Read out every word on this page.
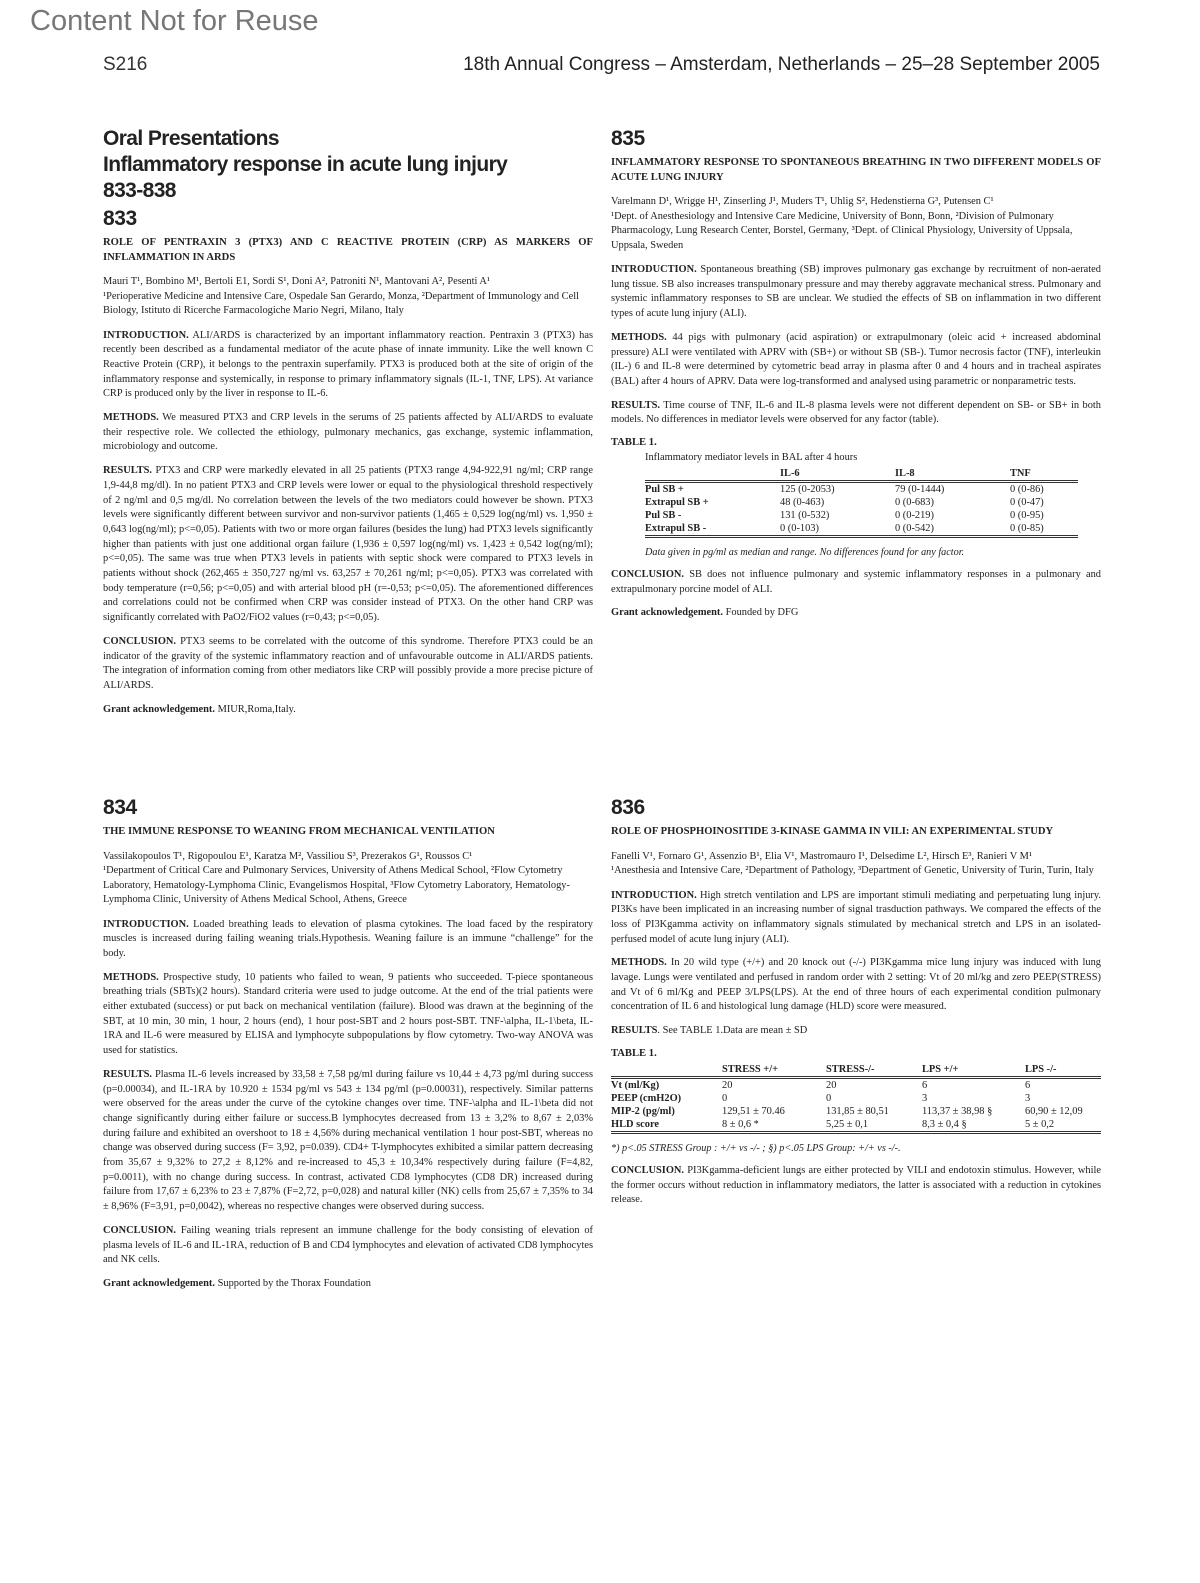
Content Not for Reuse
S216	18th Annual Congress – Amsterdam, Netherlands – 25–28 September 2005
Oral Presentations
Inflammatory response in acute lung injury
833-838
833
ROLE OF PENTRAXIN 3 (PTX3) AND C REACTIVE PROTEIN (CRP) AS MARKERS OF INFLAMMATION IN ARDS
Mauri T¹, Bombino M¹, Bertoli E1, Sordi S¹, Doni A², Patroniti N¹, Mantovani A², Pesenti A¹
¹Perioperative Medicine and Intensive Care, Ospedale San Gerardo, Monza, ²Department of Immunology and Cell Biology, Istituto di Ricerche Farmacologiche Mario Negri, Milano, Italy

INTRODUCTION. ALI/ARDS is characterized by an important inflammatory reaction. Pentraxin 3 (PTX3) has recently been described as a fundamental mediator of the acute phase of innate immunity. Like the well known C Reactive Protein (CRP), it belongs to the pentraxin superfamily. PTX3 is produced both at the site of origin of the inflammatory response and systemically, in response to primary inflammatory signals (IL-1, TNF, LPS). At variance CRP is produced only by the liver in response to IL-6.

METHODS. We measured PTX3 and CRP levels in the serums of 25 patients affected by ALI/ARDS to evaluate their respective role. We collected the ethiology, pulmonary mechanics, gas exchange, systemic inflammation, microbiology and outcome.

RESULTS. PTX3 and CRP were markedly elevated in all 25 patients (PTX3 range 4,94-922,91 ng/ml; CRP range 1,9-44,8 mg/dl). In no patient PTX3 and CRP levels were lower or equal to the physiological threshold respectively of 2 ng/ml and 0,5 mg/dl. No correlation between the levels of the two mediators could however be shown. PTX3 levels were significantly different between survivor and non-survivor patients (1,465 ± 0,529 log(ng/ml) vs. 1,950 ± 0,643 log(ng/ml); p<=0,05). Patients with two or more organ failures (besides the lung) had PTX3 levels significantly higher than patients with just one additional organ failure (1,936 ± 0,597 log(ng/ml) vs. 1,423 ± 0,542 log(ng/ml); p<=0,05). The same was true when PTX3 levels in patients with septic shock were compared to PTX3 levels in patients without shock (262,465 ± 350,727 ng/ml vs. 63,257 ± 70,261 ng/ml; p<=0,05). PTX3 was correlated with body temperature (r=0,56; p<=0,05) and with arterial blood pH (r=-0,53; p<=0,05). The aforementioned differences and correlations could not be confirmed when CRP was consider instead of PTX3. On the other hand CRP was significantly correlated with PaO2/FiO2 values (r=0,43; p<=0,05).

CONCLUSION. PTX3 seems to be correlated with the outcome of this syndrome. Therefore PTX3 could be an indicator of the gravity of the systemic inflammatory reaction and of unfavourable outcome in ALI/ARDS patients. The integration of information coming from other mediators like CRP will possibly provide a more precise picture of ALI/ARDS.

Grant acknowledgement. MIUR,Roma,Italy.

834
THE IMMUNE RESPONSE TO WEANING FROM MECHANICAL VENTILATION
Vassilakopoulos T¹, Rigopoulou E¹, Karatza M², Vassiliou S³, Prezerakos G¹, Roussos C¹
¹Department of Critical Care and Pulmonary Services, University of Athens Medical School, ²Flow Cytometry Laboratory, Hematology-Lymphoma Clinic, Evangelismos Hospital, ³Flow Cytometry Laboratory, Hematology-Lymphoma Clinic, University of Athens Medical School, Athens, Greece

INTRODUCTION. Loaded breathing leads to elevation of plasma cytokines. The load faced by the respiratory muscles is increased during failing weaning trials.Hypothesis. Weaning failure is an immune “challenge” for the body.

METHODS. Prospective study, 10 patients who failed to wean, 9 patients who succeeded. T-piece spontaneous breathing trials (SBTs)(2 hours). Standard criteria were used to judge outcome. At the end of the trial patients were either extubated (success) or put back on mechanical ventilation (failure). Blood was drawn at the beginning of the SBT, at 10 min, 30 min, 1 hour, 2 hours (end), 1 hour post-SBT and 2 hours post-SBT. TNF-\alpha, IL-1\beta, IL-1RA and IL-6 were measured by ELISA and lymphocyte subpopulations by flow cytometry. Two-way ANOVA was used for statistics.

RESULTS. Plasma IL-6 levels increased by 33,58 ± 7,58 pg/ml during failure vs 10,44 ± 4,73 pg/ml during success (p=0.00034), and IL-1RA by 10.920 ± 1534 pg/ml vs 543 ± 134 pg/ml (p=0.00031), respectively. Similar patterns were observed for the areas under the curve of the cytokine changes over time. TNF-\alpha and IL-1\beta did not change significantly during either failure or success.B lymphocytes decreased from 13 ± 3,2% to 8,67 ± 2,03% during failure and exhibited an overshoot to 18 ± 4,56% during mechanical ventilation 1 hour post-SBT, whereas no change was observed during success (F= 3,92, p=0.039). CD4+ T-lymphocytes exhibited a similar pattern decreasing from 35,67 ± 9,32% to 27,2 ± 8,12% and re-increased to 45,3 ± 10,34% respectively during failure (F=4,82, p=0.0011), with no change during success. In contrast, activated CD8 lymphocytes (CD8 DR) increased during failure from 17,67 ± 6,23% to 23 ± 7,87% (F=2,72, p=0,028) and natural killer (NK) cells from 25,67 ± 7,35% to 34 ± 8,96% (F=3,91, p=0,0042), whereas no respective changes were observed during success.

CONCLUSION. Failing weaning trials represent an immune challenge for the body consisting of elevation of plasma levels of IL-6 and IL-1RA, reduction of B and CD4 lymphocytes and elevation of activated CD8 lymphocytes and NK cells.

Grant acknowledgement. Supported by the Thorax Foundation

835
INFLAMMATORY RESPONSE TO SPONTANEOUS BREATHING IN TWO DIFFERENT MODELS OF ACUTE LUNG INJURY
Varelmann D¹, Wrigge H¹, Zinserling J¹, Muders T¹, Uhlig S², Hedenstierna G³, Putensen C¹
¹Dept. of Anesthesiology and Intensive Care Medicine, University of Bonn, Bonn, ²Division of Pulmonary Pharmacology, Lung Research Center, Borstel, Germany, ³Dept. of Clinical Physiology, University of Uppsala, Uppsala, Sweden

INTRODUCTION. Spontaneous breathing (SB) improves pulmonary gas exchange by recruitment of non-aerated lung tissue. SB also increases transpulmonary pressure and may thereby aggravate mechanical stress. Pulmonary and systemic inflammatory responses to SB are unclear. We studied the effects of SB on inflammation in two different types of acute lung injury (ALI).

METHODS. 44 pigs with pulmonary (acid aspiration) or extrapulmonary (oleic acid + increased abdominal pressure) ALI were ventilated with APRV with (SB+) or without SB (SB-). Tumor necrosis factor (TNF), interleukin (IL-) 6 and IL-8 were determined by cytometric bead array in plasma after 0 and 4 hours and in tracheal aspirates (BAL) after 4 hours of APRV. Data were log-transformed and analysed using parametric or nonparametric tests.

RESULTS. Time course of TNF, IL-6 and IL-8 plasma levels were not different dependent on SB- or SB+ in both models. No differences in mediator levels were observed for any factor (table).

TABLE 1.
Inflammatory mediator levels in BAL after 4 hours
	IL-6	IL-8	TNF
Pul SB +	125 (0-2053)	79 (0-1444)	0 (0-86)
Extrapul SB +	48 (0-463)	0 (0-683)	0 (0-47)
Pul SB -	131 (0-532)	0 (0-219)	0 (0-95)
Extrapul SB -	0 (0-103)	0 (0-542)	0 (0-85)
Data given in pg/ml as median and range. No differences found for any factor.

CONCLUSION. SB does not influence pulmonary and systemic inflammatory responses in a pulmonary and extrapulmonary porcine model of ALI.

Grant acknowledgement. Founded by DFG

836
ROLE OF PHOSPHOINOSITIDE 3-KINASE GAMMA IN VILI: AN EXPERIMENTAL STUDY
Fanelli V¹, Fornaro G¹, Assenzio B¹, Elia V¹, Mastromauro I¹, Delsedime L², Hirsch E³, Ranieri V M¹
¹Anesthesia and Intensive Care, ²Department of Pathology, ³Department of Genetic, University of Turin, Turin, Italy

INTRODUCTION. High stretch ventilation and LPS are important stimuli mediating and perpetuating lung injury. PI3Ks have been implicated in an increasing number of signal trasduction pathways. We compared the effects of the loss of PI3Kgamma activity on inflammatory signals stimulated by mechanical stretch and LPS in an isolated-perfused model of acute lung injury (ALI).

METHODS. In 20 wild type (+/+) and 20 knock out (-/-) PI3Kgamma mice lung injury was induced with lung lavage. Lungs were ventilated and perfused in random order with 2 setting: Vt of 20 ml/kg and zero PEEP(STRESS) and Vt of 6 ml/Kg and PEEP 3/LPS(LPS). At the end of three hours of each experimental condition pulmonary concentration of IL 6 and histological lung damage (HLD) score were measured.

RESULTS. See TABLE 1.Data are mean ± SD

TABLE 1.
	STRESS +/+	STRESS-/-	LPS +/+	LPS -/-
Vt (ml/Kg)	20	20	6	6
PEEP (cmH2O)	0	0	3	3
MIP-2 (pg/ml)	129,51 ± 70.46	131,85 ± 80,51	113,37 ± 38,98 §	60,90 ± 12,09
HLD score	8 ± 0,6 *	5,25 ± 0,1	8,3 ± 0,4 §	5 ± 0,2
*) p<.05 STRESS Group : +/+ vs -/- ; §) p<.05 LPS Group: +/+ vs -/-.

CONCLUSION. PI3Kgamma-deficient lungs are either protected by VILI and endotoxin stimulus. However, while the former occurs without reduction in inflammatory mediators, the latter is associated with a reduction in cytokines release.
